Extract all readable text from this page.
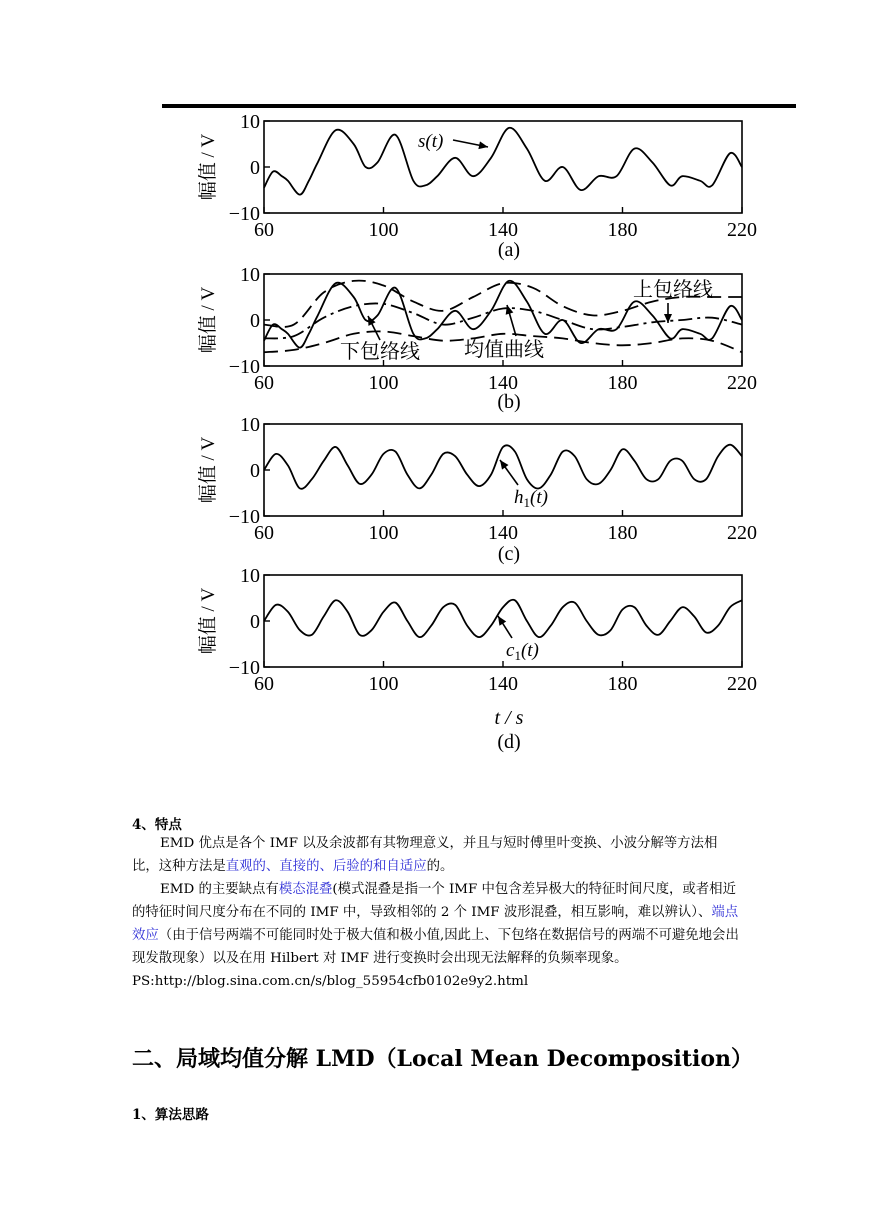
10
0
−10
60	100	140	180	220
幅值 / V
(a)
10
0
−10
60	100	140	180	220
幅值 / V
(b)
10
0
−10
60	100	140	180	220
幅值 / V
(c)
10
0
−10
60	100	140	180	220
幅值 / V
(d)
t / s
s(t)
上包络线
下包络线 均值曲线
$h_1(t)$
$c_1(t)$
4、特点

EMD 优点是各个 IMF 以及余波都有其物理意义，并且与短时傅里叶变换、小波分解等方法相比，这种方法是直观的、直接的、后验的和自适应的。

EMD 的主要缺点有模态混叠(模式混叠是指一个 IMF 中包含差异极大的特征时间尺度，或者相近的特征时间尺度分布在不同的 IMF 中，导致相邻的 2 个 IMF 波形混叠，相互影响，难以辨认）、端点效应（由于信号两端不可能同时处于极大值和极小值,因此上、下包络在数据信号的两端不可避免地会出现发散现象）以及在用 Hilbert 对 IMF 进行变换时会出现无法解释的负频率现象。

PS:http://blog.sina.com.cn/s/blog_55954cfb0102e9y2.html

二、局域均值分解 LMD（Local Mean Decomposition）
1、算法思路
